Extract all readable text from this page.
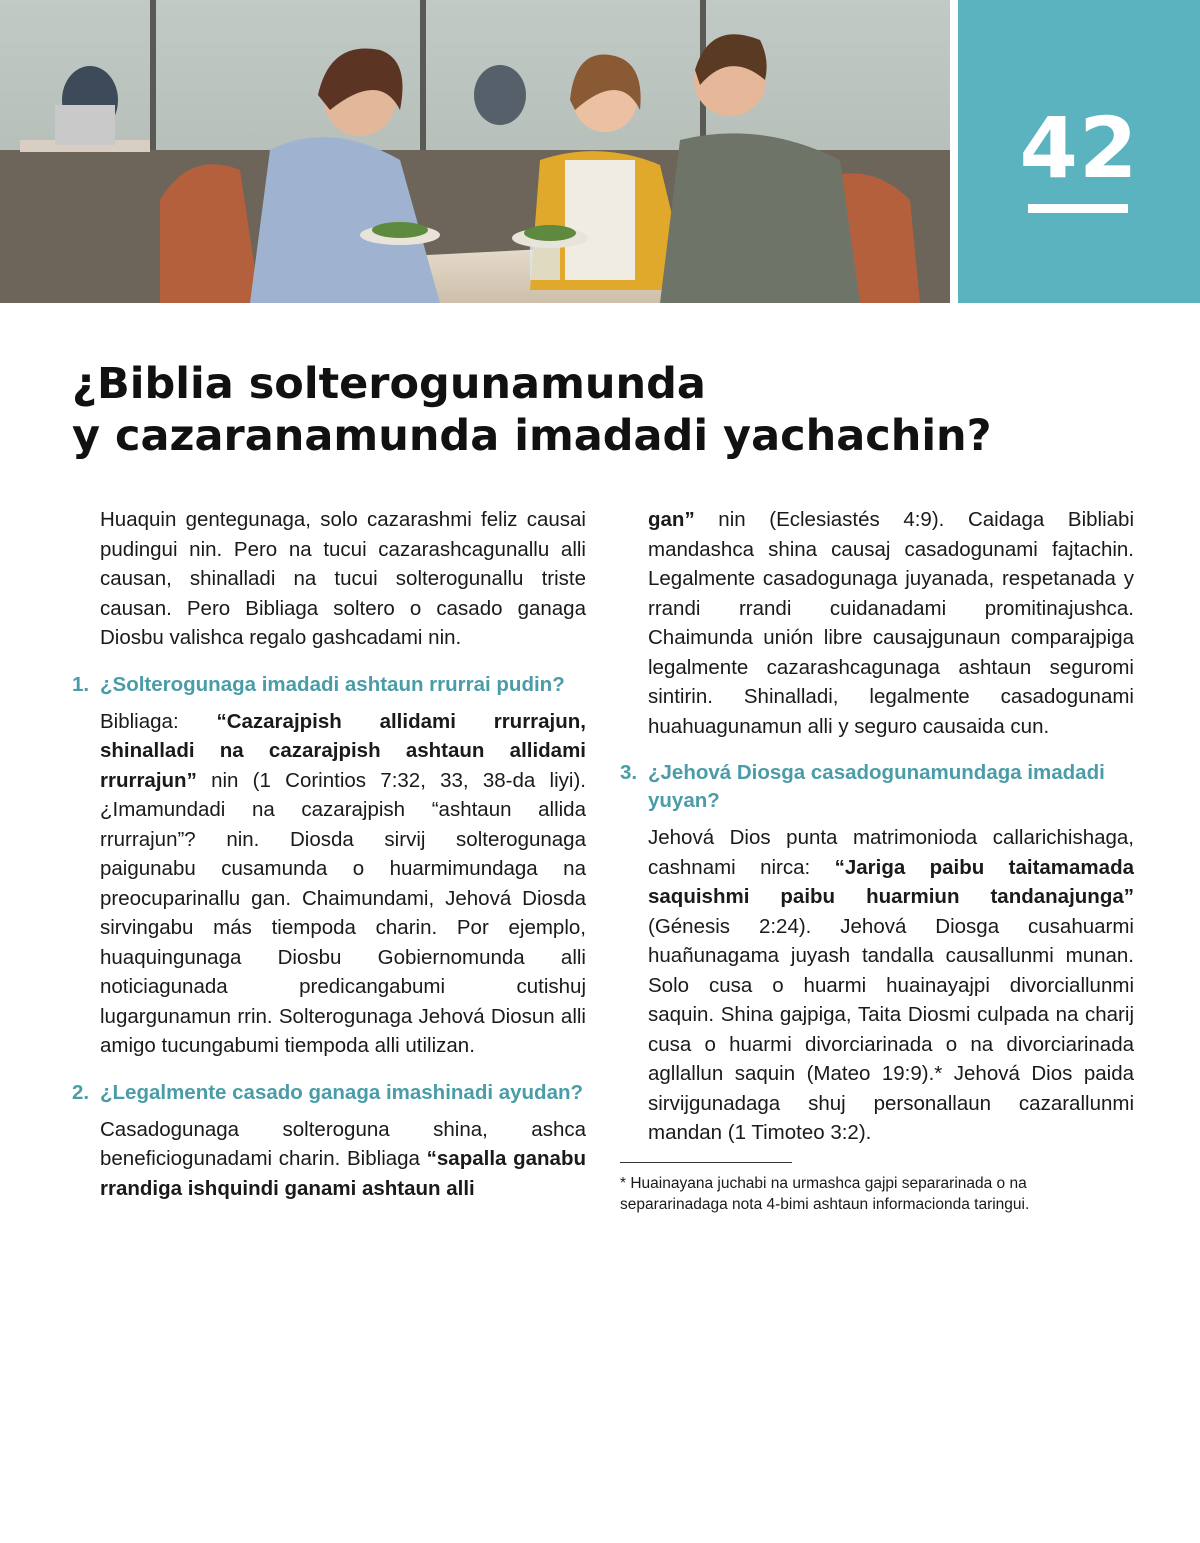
42
¿Biblia solterogunamunda
y cazaranamunda imadadi yachachin?

Huaquin gentegunaga, solo cazarashmi feliz causai pudingui nin. Pero na tucui cazarashcagunallu alli causan, shinalladi na tucui solterogunallu triste causan. Pero Bibliaga soltero o casado ganaga Diosbu valishca regalo gashcadami nin.

1. ¿Solterogunaga imadadi ashtaun rrurrai pudin?

Bibliaga: “Cazarajpish allidami rrurrajun, shinalladi na cazarajpish ashtaun allidami rrurrajun” nin (1 Corintios 7:32, 33, 38-da liyi). ¿Imamundadi na cazarajpish “ashtaun allida rrurrajun”? nin. Diosda sirvij solterogunaga paigunabu cusamunda o huarmimundaga na preocuparinallu gan. Chaimundami, Jehová Diosda sirvingabu más tiempoda charin. Por ejemplo, huaquingunaga Diosbu Gobiernomunda alli noticiagunada predicangabumi cutishuj lugargunamun rrin. Solterogunaga Jehová Diosun alli amigo tucungabumi tiempoda alli utilizan.

2. ¿Legalmente casado ganaga imashinadi ayudan?

Casadogunaga solteroguna shina, ashca beneficiogunadami charin. Bibliaga “sapalla ganabu rrandiga ishquindi ganami ashtaun alli

gan” nin (Eclesiastés 4:9). Caidaga Bibliabi mandashca shina causaj casadogunami fajtachin. Legalmente casadogunaga juyanada, respetanada y rrandi rrandi cuidanadami promitinajushca. Chaimunda unión libre causajgunaun comparajpiga legalmente cazarashcagunaga ashtaun seguromi sintirin. Shinalladi, legalmente casadogunami huahuagunamun alli y seguro causaida cun.

3. ¿Jehová Diosga casadogunamundaga imadadi yuyan?

Jehová Dios punta matrimonioda callarichishaga, cashnami nirca: “Jariga paibu taitamamada saquishmi paibu huarmiun tandanajunga” (Génesis 2:24). Jehová Diosga cusahuarmi huañunagama juyash tandalla causallunmi munan. Solo cusa o huarmi huainayajpi divorciallunmi saquin. Shina gajpiga, Taita Diosmi culpada na charij cusa o huarmi divorciarinada o na divorciarinada agllallun saquin (Mateo 19:9).* Jehová Dios paida sirvijgunadaga shuj personallaun cazarallunmi mandan (1 Timoteo 3:2).

* Huainayana juchabi na urmashca gajpi separarinada o na separarinadaga nota 4-bimi ashtaun informacionda taringui.
